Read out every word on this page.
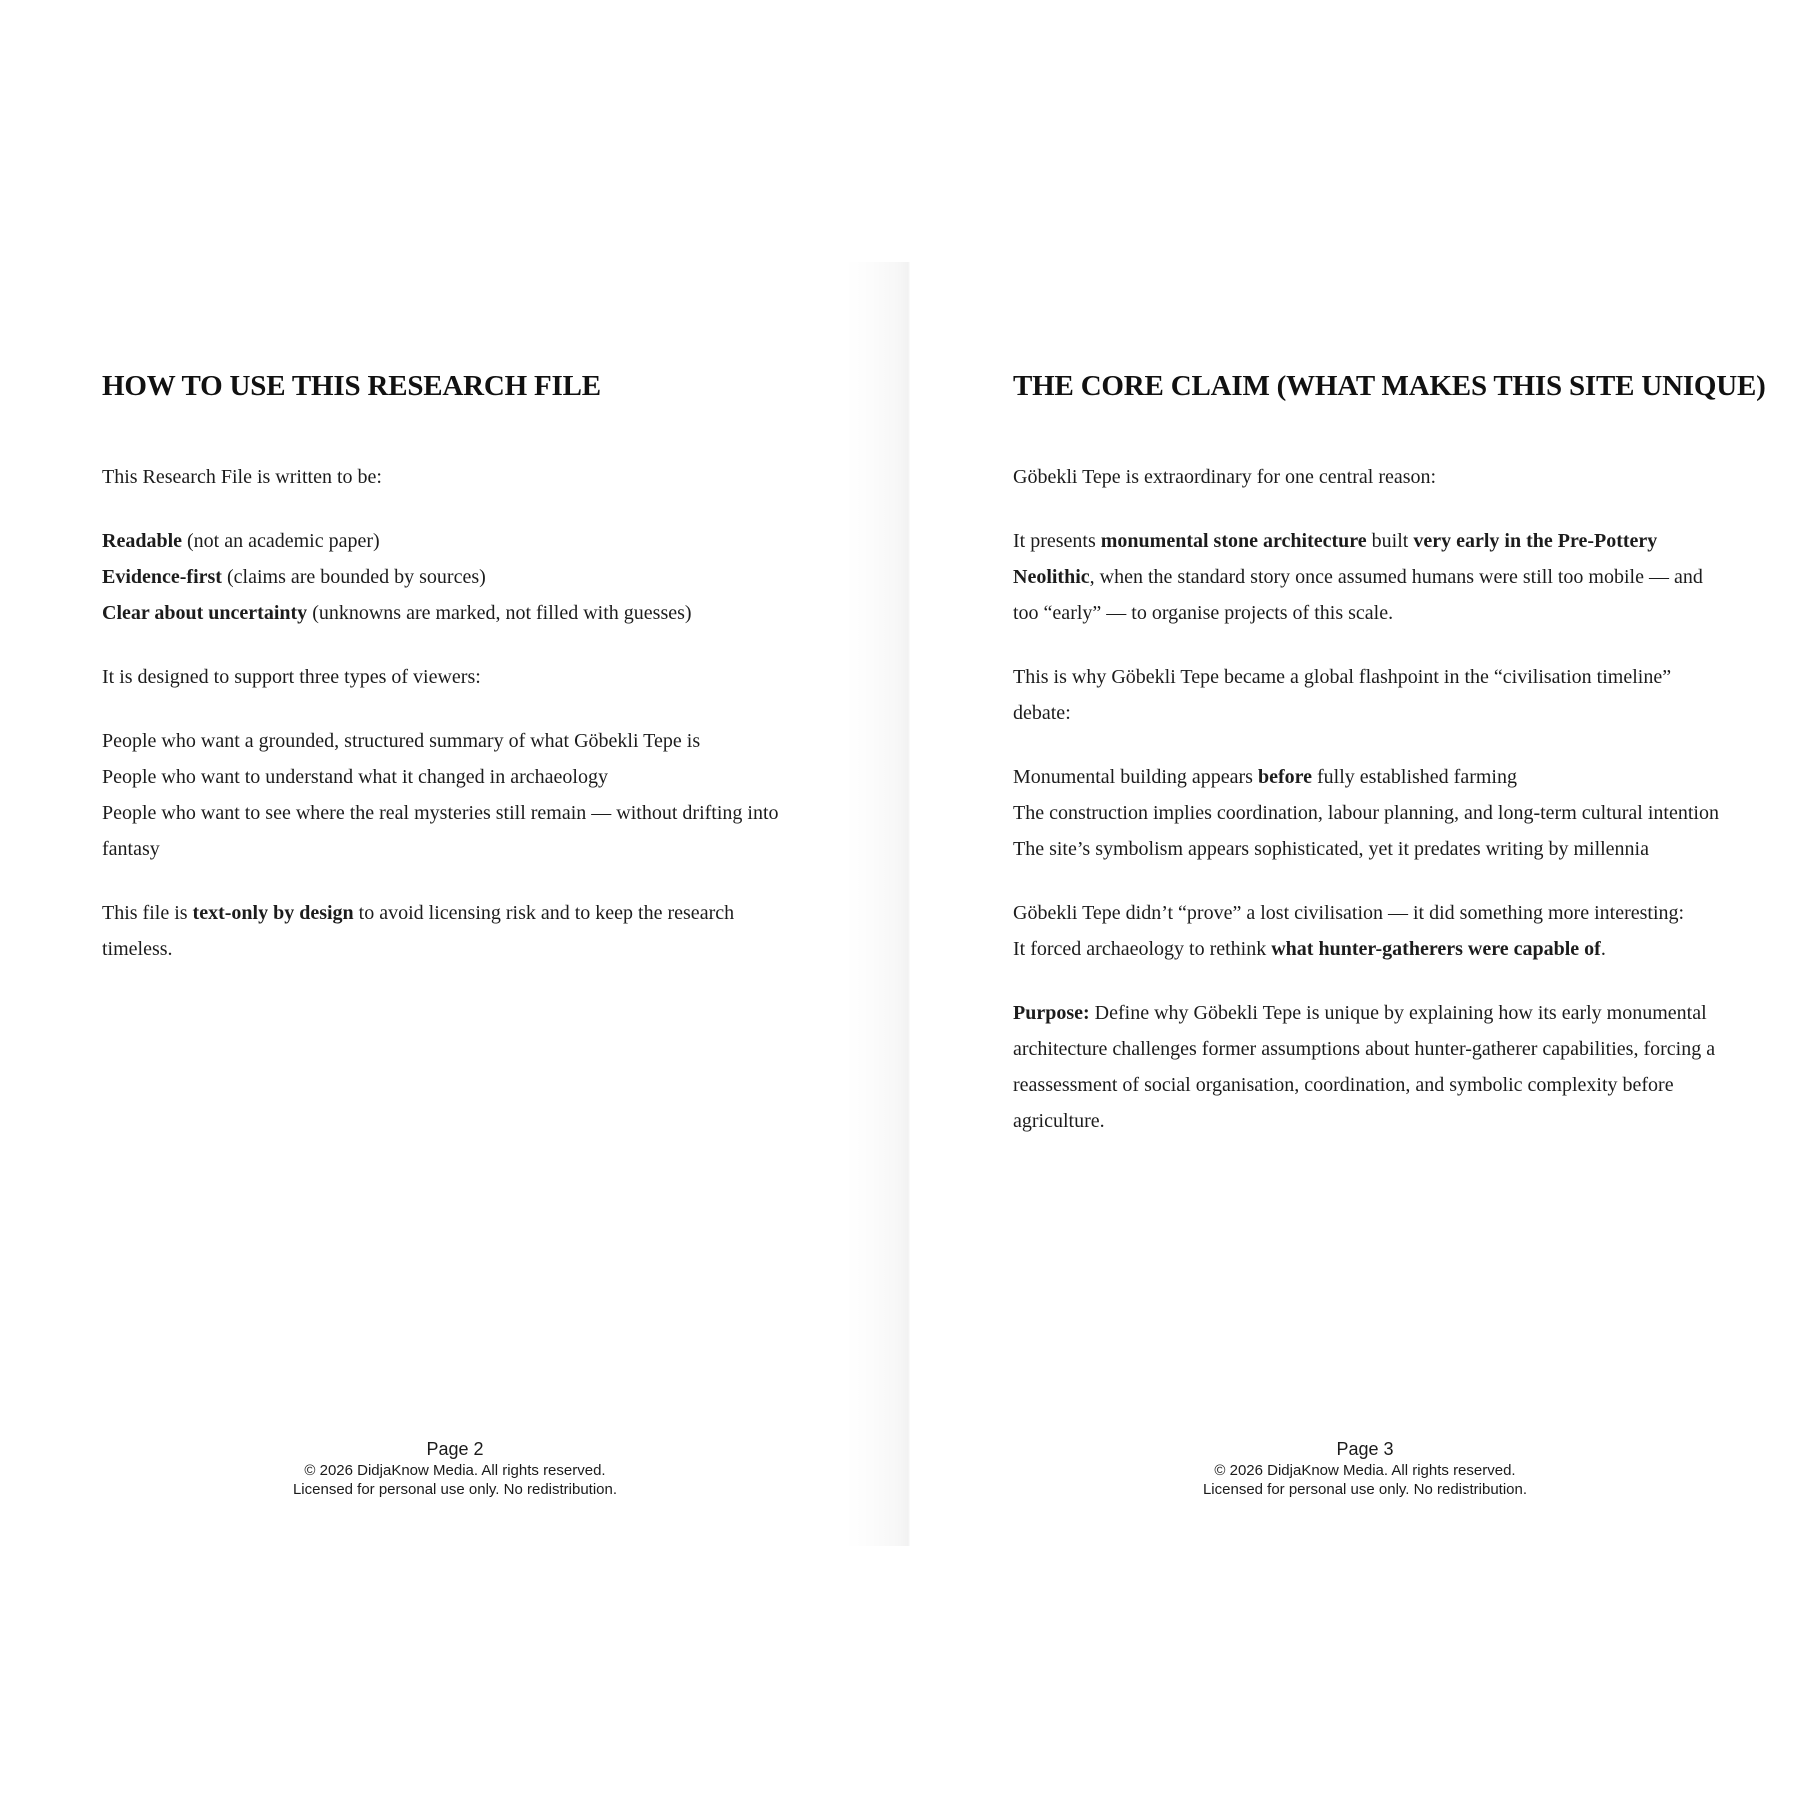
HOW TO USE THIS RESEARCH FILE

This Research File is written to be:

Readable (not an academic paper)

Evidence-first (claims are bounded by sources)

Clear about uncertainty (unknowns are marked, not filled with guesses)

It is designed to support three types of viewers:

People who want a grounded, structured summary of what Göbekli Tepe is

People who want to understand what it changed in archaeology

People who want to see where the real mysteries still remain — without drifting into fantasy

This file is text-only by design to avoid licensing risk and to keep the research timeless.

THE CORE CLAIM (WHAT MAKES THIS SITE UNIQUE)

Göbekli Tepe is extraordinary for one central reason:

It presents monumental stone architecture built very early in the Pre-Pottery Neolithic, when the standard story once assumed humans were still too mobile — and too “early” — to organise projects of this scale.

This is why Göbekli Tepe became a global flashpoint in the “civilisation timeline” debate:

Monumental building appears before fully established farming

The construction implies coordination, labour planning, and long-term cultural intention

The site’s symbolism appears sophisticated, yet it predates writing by millennia

Göbekli Tepe didn’t “prove” a lost civilisation — it did something more interesting:

It forced archaeology to rethink what hunter-gatherers were capable of.

Purpose: Define why Göbekli Tepe is unique by explaining how its early monumental architecture challenges former assumptions about hunter-gatherer capabilities, forcing a reassessment of social organisation, coordination, and symbolic complexity before agriculture.

Page 2
© 2026 DidjaKnow Media. All rights reserved.
Licensed for personal use only. No redistribution.
Page 3
© 2026 DidjaKnow Media. All rights reserved.
Licensed for personal use only. No redistribution.
